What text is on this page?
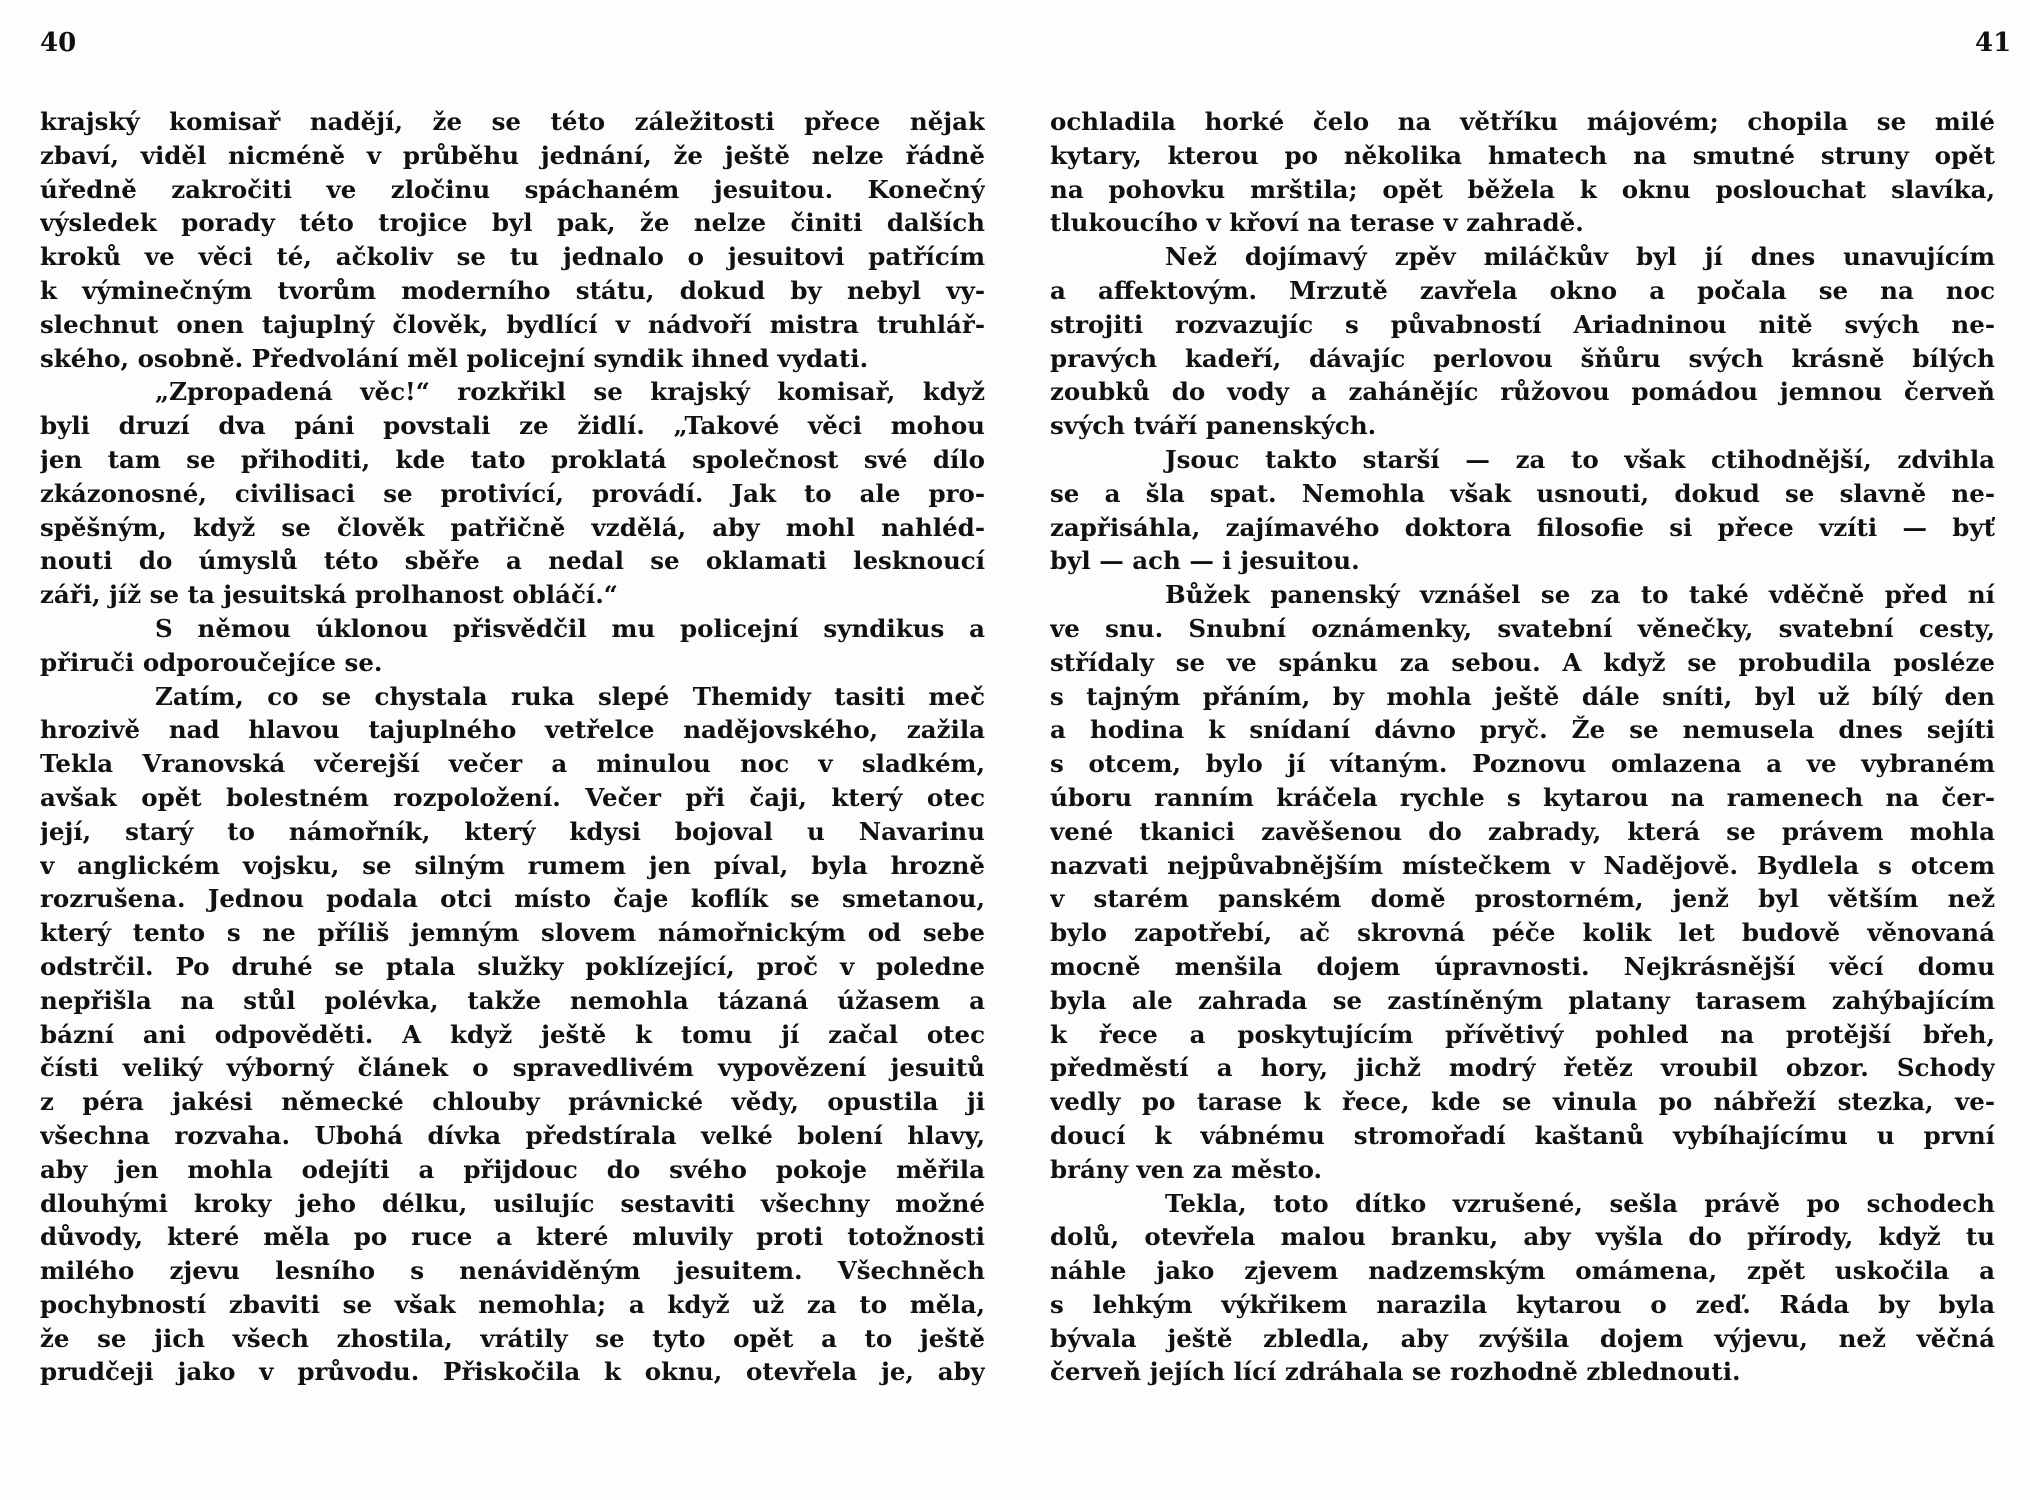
40
krajský komisař nadějí, že se této záležitosti přece nějak
zbaví, viděl nicméně v průběhu jednání, že ještě nelze řádně
úředně zakročiti ve zločinu spáchaném jesuitou. Konečný
výsledek porady této trojice byl pak, že nelze činiti dalších
kroků ve věci té, ačkoliv se tu jednalo o jesuitovi patřícím
k výminečným tvorům moderního státu, dokud by nebyl vy-
slechnut onen tajuplný člověk, bydlící v nádvoří mistra truhlář-
ského, osobně. Předvolání měl policejní syndik ihned vydati.
„Zpropadená věc!“ rozkřikl se krajský komisař, když
byli druzí dva páni povstali ze židlí. „Takové věci mohou
jen tam se přihoditi, kde tato proklatá společnost své dílo
zkázonosné, civilisaci se protivící, provádí. Jak to ale pro-
spěšným, když se člověk patřičně vzdělá, aby mohl nahléd-
nouti do úmyslů této sběře a nedal se oklamati lesknoucí
záři, jíž se ta jesuitská prolhanost obláčí.“
S němou úklonou přisvědčil mu policejní syndikus a
přiruči odporoučejíce se.
Zatím, co se chystala ruka slepé Themidy tasiti meč
hrozivě nad hlavou tajuplného vetřelce nadějovského, zažila
Tekla Vranovská včerejší večer a minulou noc v sladkém,
avšak opět bolestném rozpoložení. Večer při čaji, který otec
její, starý to námořník, který kdysi bojoval u Navarinu
v anglickém vojsku, se silným rumem jen píval, byla hrozně
rozrušena. Jednou podala otci místo čaje koflík se smetanou,
který tento s ne příliš jemným slovem námořnickým od sebe
odstrčil. Po druhé se ptala služky poklízející, proč v poledne
nepřišla na stůl polévka, takže nemohla tázaná úžasem a
bázní ani odpověděti. A když ještě k tomu jí začal otec
čísti veliký výborný článek o spravedlivém vypovězení jesuitů
z péra jakési německé chlouby právnické vědy, opustila ji
všechna rozvaha. Ubohá dívka předstírala velké bolení hlavy,
aby jen mohla odejíti a přijdouc do svého pokoje měřila
dlouhými kroky jeho délku, usilujíc sestaviti všechny možné
důvody, které měla po ruce a které mluvily proti totožnosti
milého zjevu lesního s nenáviděným jesuitem. Všechněch
pochybností zbaviti se však nemohla; a když už za to měla,
že se jich všech zhostila, vrátily se tyto opět a to ještě
prudčeji jako v průvodu. Přiskočila k oknu, otevřela je, aby
41
ochladila horké čelo na větříku májovém; chopila se milé
kytary, kterou po několika hmatech na smutné struny opět
na pohovku mrštila; opět běžela k oknu poslouchat slavíka,
tlukoucího v křoví na terase v zahradě.
Než dojímavý zpěv miláčkův byl jí dnes unavujícím
a affektovým. Mrzutě zavřela okno a počala se na noc
strojiti rozvazujíc s půvabností Ariadninou nitě svých ne-
pravých kadeří, dávajíc perlovou šňůru svých krásně bílých
zoubků do vody a zahánějíc růžovou pomádou jemnou červeň
svých tváří panenských.
Jsouc takto starší — za to však ctihodnější, zdvihla
se a šla spat. Nemohla však usnouti, dokud se slavně ne-
zapřisáhla, zajímavého doktora filosofie si přece vzíti — byť
byl — ach — i jesuitou.
Bůžek panenský vznášel se za to také vděčně před ní
ve snu. Snubní oznámenky, svatební věnečky, svatební cesty,
střídaly se ve spánku za sebou. A když se probudila posléze
s tajným přáním, by mohla ještě dále sníti, byl už bílý den
a hodina k snídaní dávno pryč. Že se nemusela dnes sejíti
s otcem, bylo jí vítaným. Poznovu omlazena a ve vybraném
úboru ranním kráčela rychle s kytarou na ramenech na čer-
vené tkanici zavěšenou do zabrady, která se právem mohla
nazvati nejpůvabnějším místečkem v Nadějově. Bydlela s otcem
v starém panském domě prostorném, jenž byl větším než
bylo zapotřebí, ač skrovná péče kolik let budově věnovaná
mocně menšila dojem úpravnosti. Nejkrásnější věcí domu
byla ale zahrada se zastíněným platany tarasem zahýbajícím
k řece a poskytujícím přívětivý pohled na protější břeh,
předměstí a hory, jichž modrý řetěz vroubil obzor. Schody
vedly po tarase k řece, kde se vinula po nábřeží stezka, ve-
doucí k vábnému stromořadí kaštanů vybíhajícímu u první
brány ven za město.
Tekla, toto dítko vzrušené, sešla právě po schodech
dolů, otevřela malou branku, aby vyšla do přírody, když tu
náhle jako zjevem nadzemským omámena, zpět uskočila a
s lehkým výkřikem narazila kytarou o zeď. Ráda by byla
bývala ještě zbledla, aby zvýšila dojem výjevu, než věčná
červeň jejích lící zdráhala se rozhodně zblednouti.
